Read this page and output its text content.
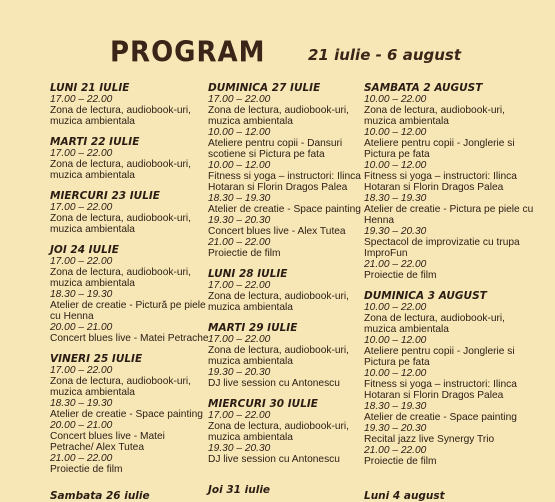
PROGRAM	21 iulie - 6 august
LUNI 21 IULIE
17.00 – 22.00
Zona de lectura, audiobook-uri, muzica ambientala
MARTI 22 IULIE
17.00 – 22.00
Zona de lectura, audiobook-uri, muzica ambientala
MIERCURI 23 IULIE
17.00 – 22.00
Zona de lectura, audiobook-uri, muzica ambientala
JOI 24 IULIE
17.00 – 22.00
Zona de lectura, audiobook-uri, muzica ambientala
18.30 – 19.30
Atelier de creatie - Pictură pe piele cu Henna
20.00 – 21.00
Concert blues live - Matei Petrache
VINERI 25 IULIE
17.00 – 22.00
Zona de lectura, audiobook-uri, muzica ambientala
18.30 – 19.30
Atelier de creatie - Space painting
20.00 – 21.00
Concert blues live - Matei Petrache/ Alex Tutea
21.00 – 22.00
Proiectie de film
DUMINICA 27 IULIE
17.00 – 22.00
Zona de lectura, audiobook-uri, muzica ambientala
10.00 – 12.00
Ateliere pentru copii - Dansuri scotiene si Pictura pe fata
10.00 – 12.00
Fitness si yoga – instructori: Ilinca Hotaran si Florin Dragos Palea
18.30 – 19.30
Atelier de creatie - Space painting
19.30 – 20.30
Concert blues live - Alex Tutea
21.00 – 22.00
Proiectie de film
LUNI 28 IULIE
17.00 – 22.00
Zona de lectura, audiobook-uri, muzica ambientala
MARTI 29 IULIE
17.00 – 22.00
Zona de lectura, audiobook-uri, muzica ambientala
19.30 – 20.30
DJ live session cu Antonescu
MIERCURI 30 IULIE
17.00 – 22.00
Zona de lectura, audiobook-uri, muzica ambientala
19.30 – 20.30
DJ live session cu Antonescu
SAMBATA 2 AUGUST
10.00 – 22.00
Zona de lectura, audiobook-uri, muzica ambientala
10.00 – 12.00
Ateliere pentru copii - Jonglerie si Pictura pe fata
10.00 – 12.00
Fitness si yoga – instructori: Ilinca Hotaran si Florin Dragos Palea
18.30 – 19.30
Atelier de creatie - Pictura pe piele cu Henna
19.30 – 20.30
Spectacol de improvizatie cu trupa ImproFun
21.00 – 22.00
Proiectie de film
DUMINICA 3 AUGUST
10.00 – 22.00
Zona de lectura, audiobook-uri, muzica ambientala
10.00 – 12.00
Ateliere pentru copii - Jonglerie si Pictura pe fata
10.00 – 12.00
Fitness si yoga – instructori: Ilinca Hotaran si Florin Dragos Palea
18.30 – 19.30
Atelier de creatie - Space painting
19.30 – 20.30
Recital jazz live Synergy Trio
21.00 – 22.00
Proiectie de film
Sambata 26 iulie	Joi 31 iulie	Luni 4 august
